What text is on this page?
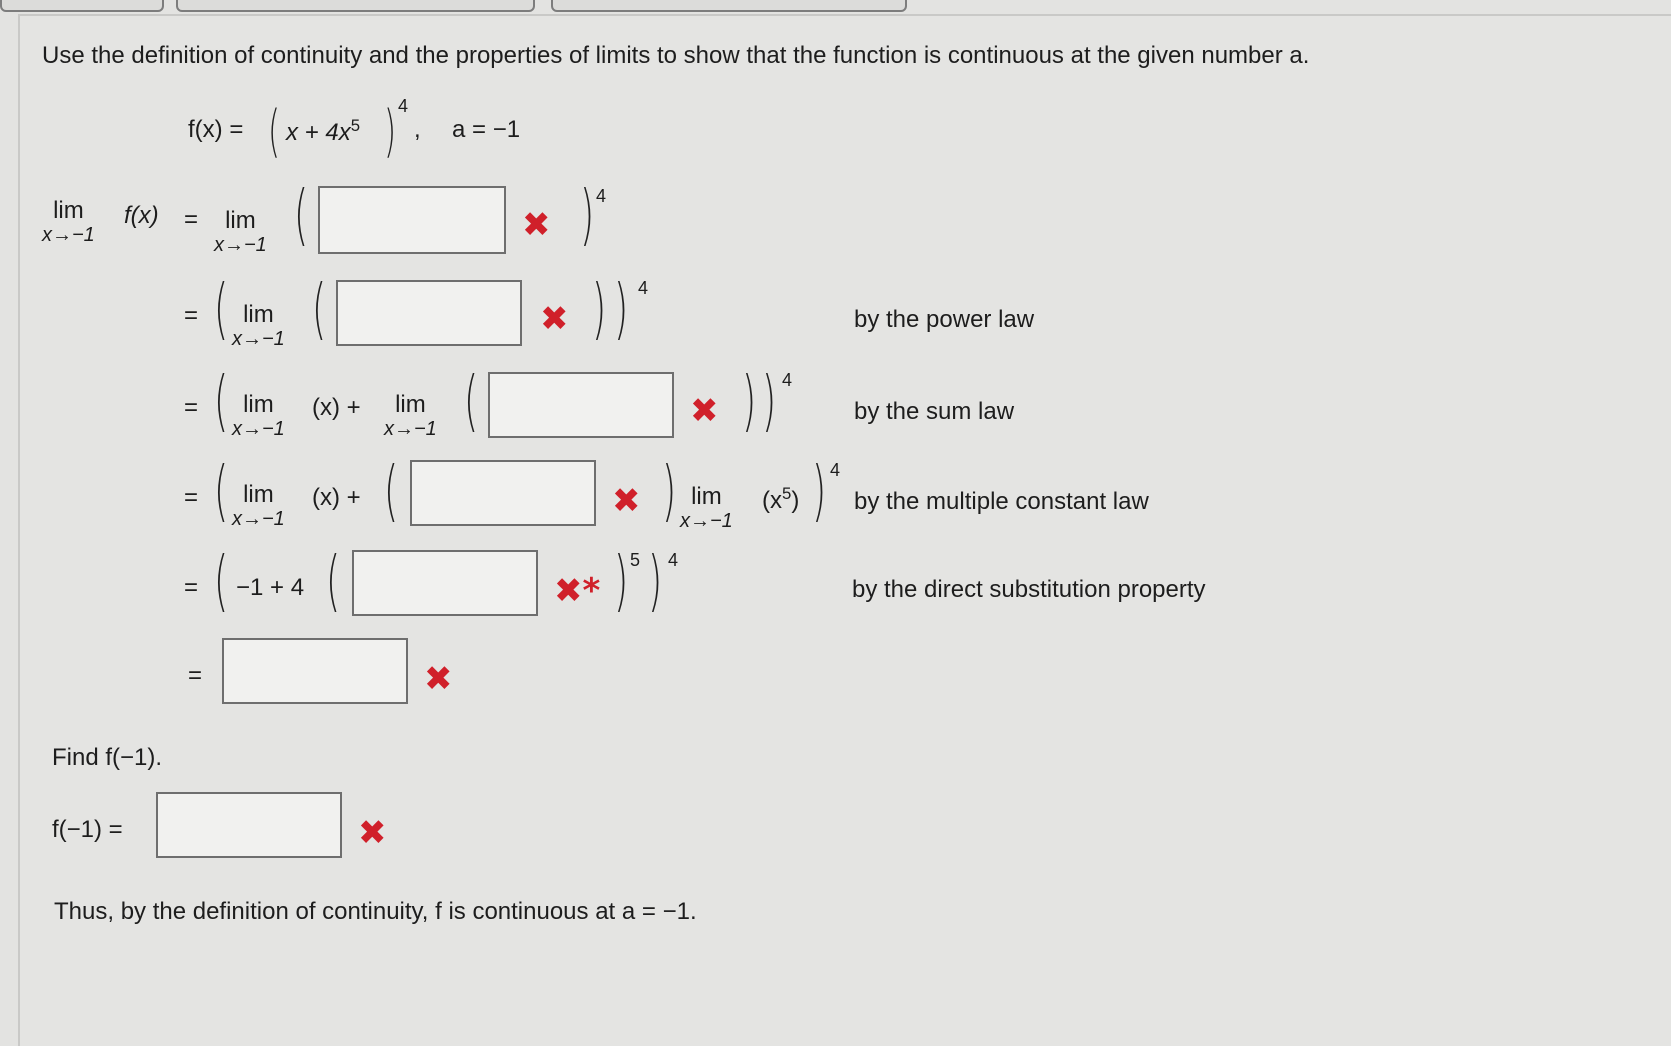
Use the definition of continuity and the properties of limits to show that the function is continuous at the given number a.
f(x) = ( $x + 4x^5$ ) 4
, a = −1
lim
x→−1
f(x) =	lim
x→−1 (	✖ ) 4
= ( lim
x→−1 (	✖ ) ) 4
by the power law
= ( lim
x→−1
(x) +	lim
x→−1 (	✖ ) ) 4
by the sum law
= ( lim
x→−1
(x) + (	✖ ) lim
x→−1
$(x^5)$ ) 4
by the multiple constant law
= ( −1 + 4 (	✖* ) 5 ) 4
by the direct substitution property
=	✖
Find f(−1).
f(−1) =	✖
Thus, by the definition of continuity, f is continuous at a = −1.
